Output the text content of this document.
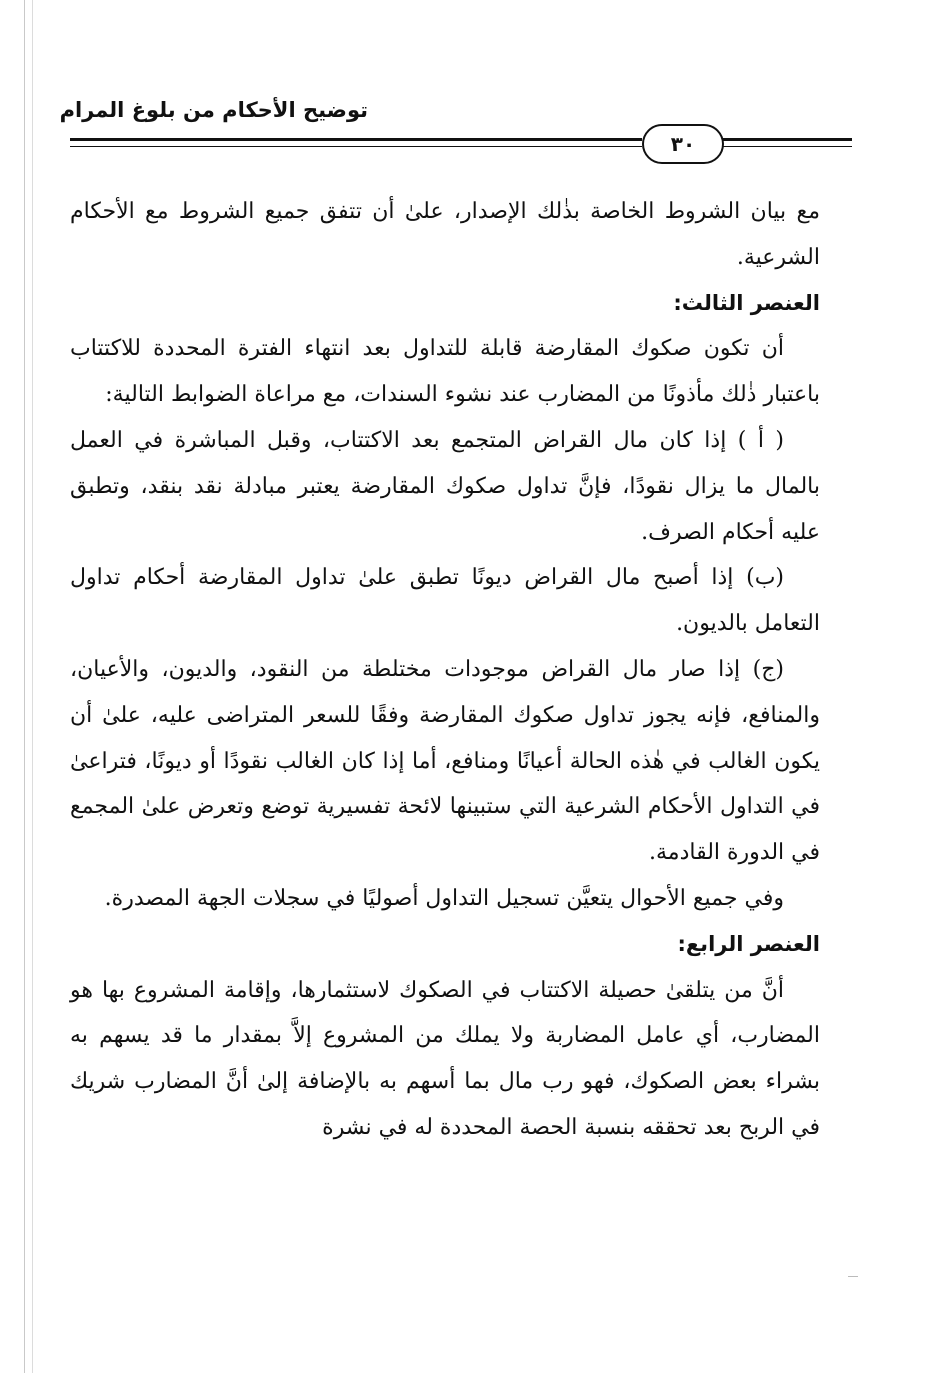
توضيح الأحكام من بلوغ المرام
٣٠

مع بيان الشروط الخاصة بذٰلك الإصدار، علىٰ أن تتفق جميع الشروط مع الأحكام الشرعية.

العنصر الثالث:

أن تكون صكوك المقارضة قابلة للتداول بعد انتهاء الفترة المحددة للاكتتاب باعتبار ذٰلك مأذونًا من المضارب عند نشوء السندات، مع مراعاة الضوابط التالية:

( أ ) إذا كان مال القراض المتجمع بعد الاكتتاب، وقبل المباشرة في العمل بالمال ما يزال نقودًا، فإنَّ تداول صكوك المقارضة يعتبر مبادلة نقد بنقد، وتطبق عليه أحكام الصرف.

(ب) إذا أصبح مال القراض ديونًا تطبق علىٰ تداول المقارضة أحكام تداول التعامل بالديون.

(ج) إذا صار مال القراض موجودات مختلطة من النقود، والديون، والأعيان، والمنافع، فإنه يجوز تداول صكوك المقارضة وفقًا للسعر المتراضى عليه، علىٰ أن يكون الغالب في هٰذه الحالة أعيانًا ومنافع، أما إذا كان الغالب نقودًا أو ديونًا، فتراعىٰ في التداول الأحكام الشرعية التي ستبينها لائحة تفسيرية توضع وتعرض علىٰ المجمع في الدورة القادمة.

وفي جميع الأحوال يتعيَّن تسجيل التداول أصوليًا في سجلات الجهة المصدرة.

العنصر الرابع:

أنَّ من يتلقىٰ حصيلة الاكتتاب في الصكوك لاستثمارها، وإقامة المشروع بها هو المضارب، أي عامل المضاربة ولا يملك من المشروع إلاَّ بمقدار ما قد يسهم به بشراء بعض الصكوك، فهو رب مال بما أسهم به بالإضافة إلىٰ أنَّ المضارب شريك في الربح بعد تحققه بنسبة الحصة المحددة له في نشرة
